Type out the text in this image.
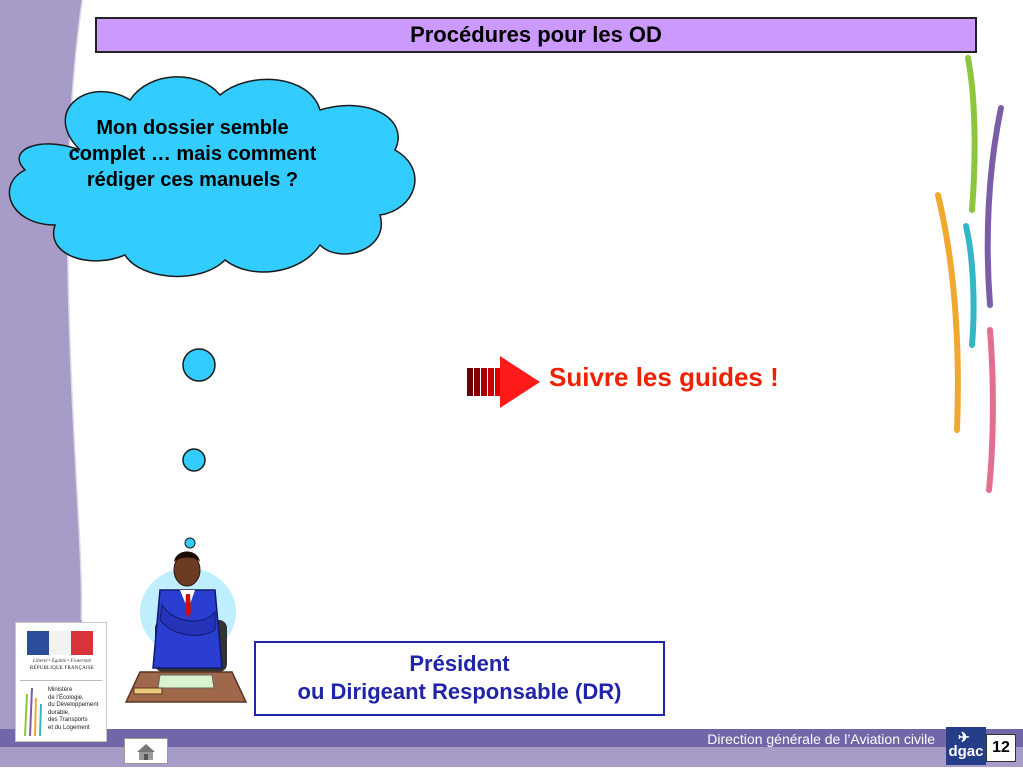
Procédures pour les OD
Mon dossier semble complet … mais comment rédiger ces manuels ?
Suivre les guides !
Président
ou Dirigeant Responsable (DR)
Liberté • Égalité • Fraternité
RÉPUBLIQUE FRANÇAISE
Ministère
de l’Écologie,
du Développement
durable,
des Transports
et du Logement
Direction générale de l’Aviation civile ✈
dgac 12
